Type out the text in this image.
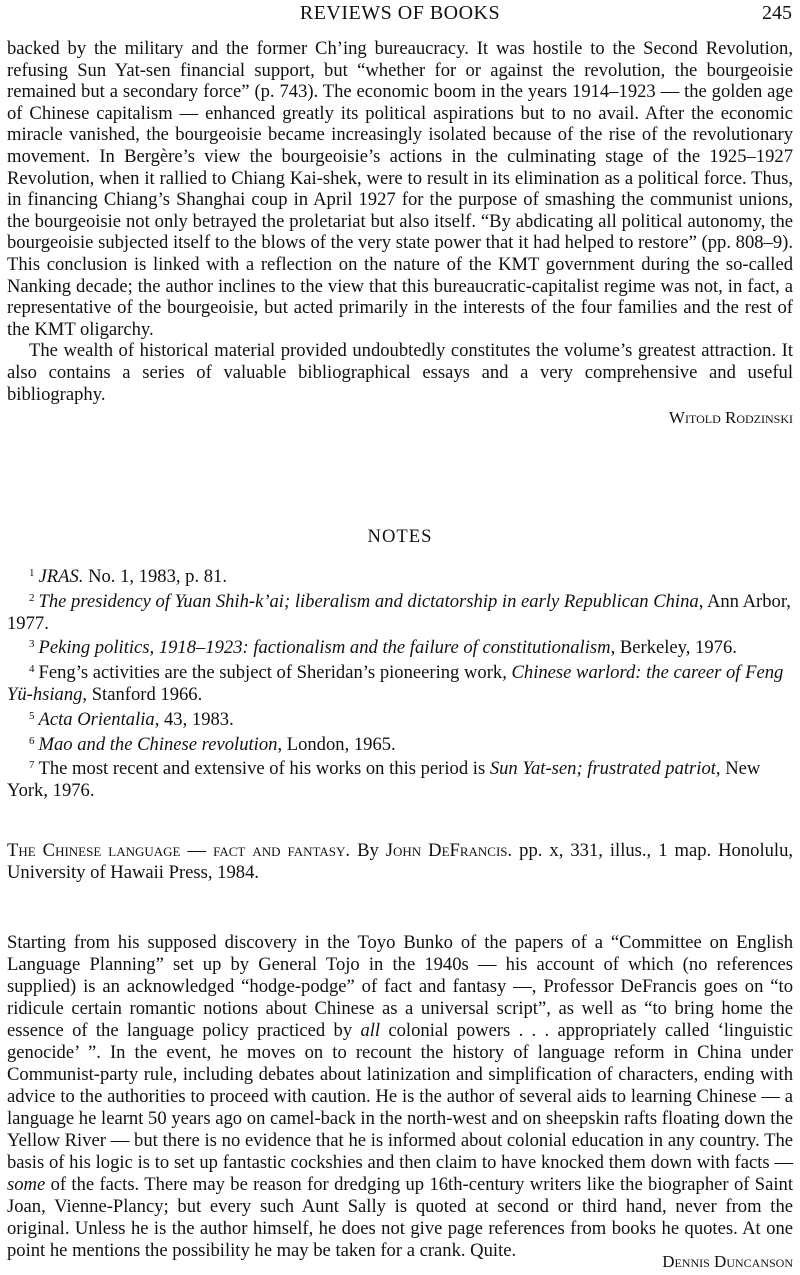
REVIEWS OF BOOKS	245

backed by the military and the former Ch’ing bureaucracy. It was hostile to the Second Revolution, refusing Sun Yat-sen financial support, but “whether for or against the revolution, the bourgeoisie remained but a secondary force” (p. 743). The economic boom in the years 1914–1923 — the golden age of Chinese capitalism — enhanced greatly its political aspirations but to no avail. After the economic miracle vanished, the bourgeoisie became increasingly isolated because of the rise of the revolutionary movement. In Bergère’s view the bourgeoisie’s actions in the culminating stage of the 1925–1927 Revolution, when it rallied to Chiang Kai-shek, were to result in its elimination as a political force. Thus, in financing Chiang’s Shanghai coup in April 1927 for the purpose of smashing the communist unions, the bourgeoisie not only betrayed the proletariat but also itself. “By abdicating all political autonomy, the bourgeoisie subjected itself to the blows of the very state power that it had helped to restore” (pp. 808–9). This conclusion is linked with a reflection on the nature of the KMT government during the so-called Nanking decade; the author inclines to the view that this bureaucratic-capitalist regime was not, in fact, a representative of the bourgeoisie, but acted primarily in the interests of the four families and the rest of the KMT oligarchy.

The wealth of historical material provided undoubtedly constitutes the volume’s greatest attraction. It also contains a series of valuable bibliographical essays and a very comprehensive and useful bibliography.

Witold Rodzinski

NOTES

$^1$ JRAS. No. 1, 1983, p. 81.

$^2$ The presidency of Yuan Shih-k’ai; liberalism and dictatorship in early Republican China, Ann Arbor, 1977.

$^3$ Peking politics, 1918–1923: factionalism and the failure of constitutionalism, Berkeley, 1976.

$^4$ Feng’s activities are the subject of Sheridan’s pioneering work, Chinese warlord: the career of Feng Yü-hsiang, Stanford 1966.

$^5$ Acta Orientalia, 43, 1983.

$^6$ Mao and the Chinese revolution, London, 1965.

$^7$ The most recent and extensive of his works on this period is Sun Yat-sen; frustrated patriot, New York, 1976.

The Chinese language — fact and fantasy. By John DeFrancis. pp. x, 331, illus., 1 map. Honolulu, University of Hawaii Press, 1984.

Starting from his supposed discovery in the Toyo Bunko of the papers of a “Committee on English Language Planning” set up by General Tojo in the 1940s — his account of which (no references supplied) is an acknowledged “hodge-podge” of fact and fantasy —, Professor DeFrancis goes on “to ridicule certain romantic notions about Chinese as a universal script”, as well as “to bring home the essence of the language policy practiced by all colonial powers . . . appropriately called ‘linguistic genocide’ ”. In the event, he moves on to recount the history of language reform in China under Communist-party rule, including debates about latinization and simplification of characters, ending with advice to the authorities to proceed with caution. He is the author of several aids to learning Chinese — a language he learnt 50 years ago on camel-back in the north-west and on sheepskin rafts floating down the Yellow River — but there is no evidence that he is informed about colonial education in any country. The basis of his logic is to set up fantastic cockshies and then claim to have knocked them down with facts — some of the facts. There may be reason for dredging up 16th-century writers like the biographer of Saint Joan, Vienne-Plancy; but every such Aunt Sally is quoted at second or third hand, never from the original. Unless he is the author himself, he does not give page references from books he quotes. At one point he mentions the possibility he may be taken for a crank. Quite.

Dennis Duncanson
